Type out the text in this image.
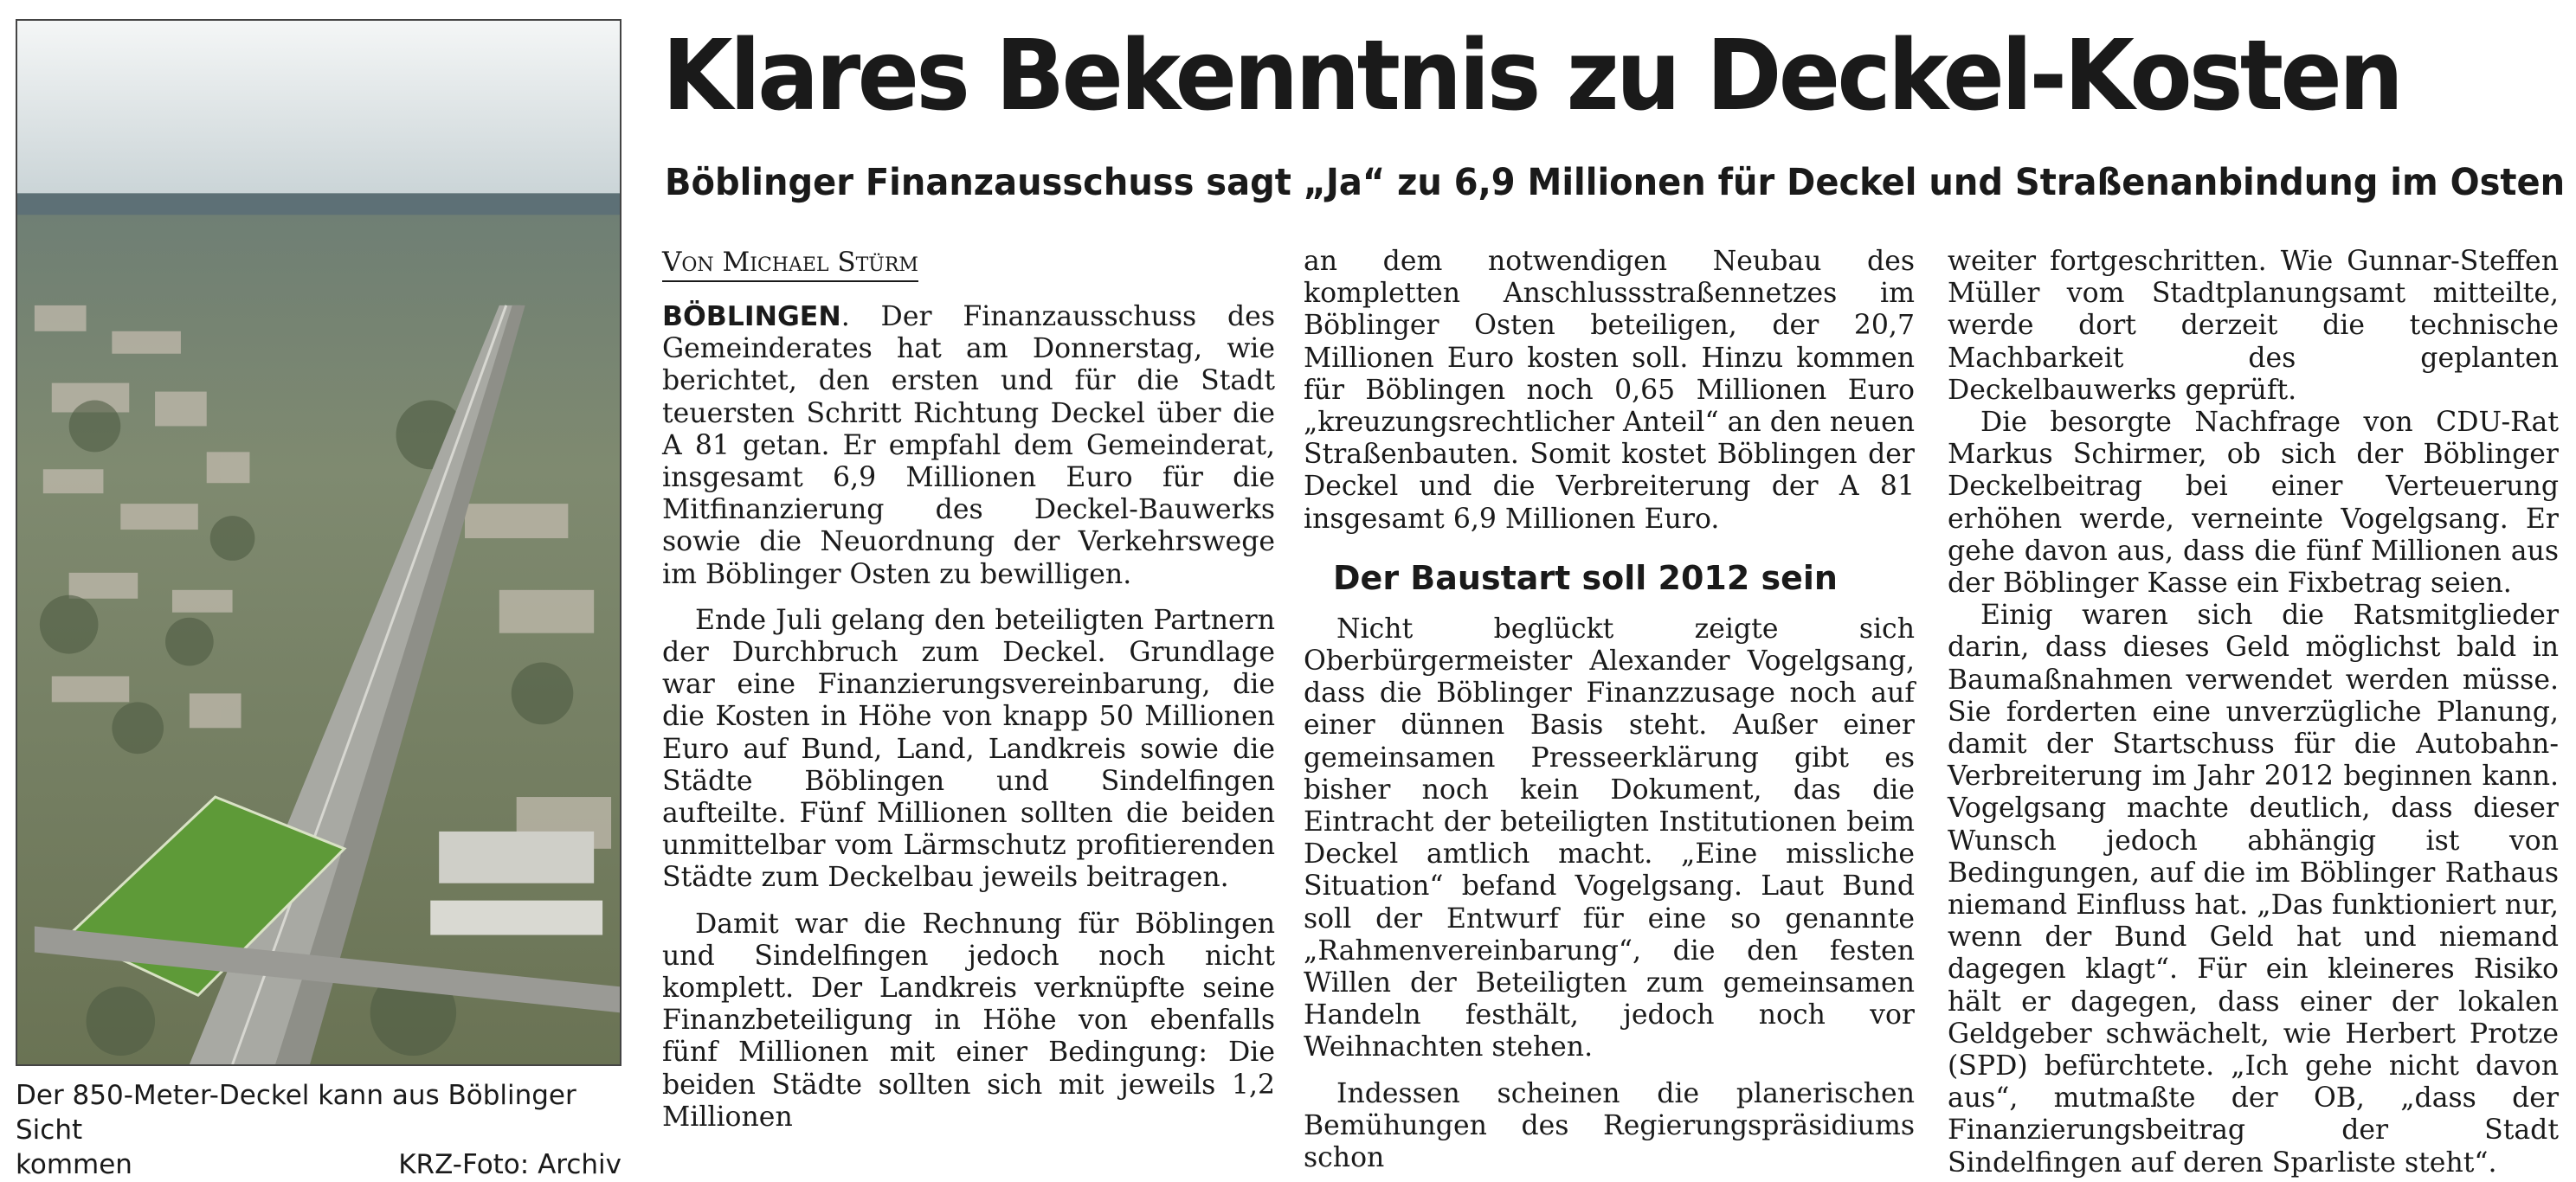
Der 850-Meter-Deckel kann aus Böblinger Sicht
kommen	KRZ-Foto: Archiv
Klares Bekenntnis zu Deckel-Kosten
Böblinger Finanzausschuss sagt „Ja“ zu 6,9 Millionen für Deckel und Straßenanbindung im Osten
Von Michael Stürm

BÖBLINGEN. Der Finanzausschuss des Gemeinderates hat am Donnerstag, wie berichtet, den ersten und für die Stadt teuersten Schritt Richtung Deckel über die A 81 getan. Er empfahl dem Gemeinderat, insgesamt 6,9 Millionen Euro für die Mitfinanzierung des Deckel-Bauwerks sowie die Neuordnung der Verkehrswege im Böblinger Osten zu bewilligen.

Ende Juli gelang den beteiligten Partnern der Durchbruch zum Deckel. Grundlage war eine Finanzierungsvereinbarung, die die Kosten in Höhe von knapp 50 Millionen Euro auf Bund, Land, Landkreis sowie die Städte Böblingen und Sindelfingen aufteilte. Fünf Millionen sollten die beiden unmittelbar vom Lärmschutz profitierenden Städte zum Deckelbau jeweils beitragen.

Damit war die Rechnung für Böblingen und Sindelfingen jedoch noch nicht komplett. Der Landkreis verknüpfte seine Finanzbeteiligung in Höhe von ebenfalls fünf Millionen mit einer Bedingung: Die beiden Städte sollten sich mit jeweils 1,2 Millionen

an dem notwendigen Neubau des kompletten Anschlussstraßennetzes im Böblinger Osten beteiligen, der 20,7 Millionen Euro kosten soll. Hinzu kommen für Böblingen noch 0,65 Millionen Euro „kreuzungsrechtlicher Anteil“ an den neuen Straßenbauten. Somit kostet Böblingen der Deckel und die Verbreiterung der A 81 insgesamt 6,9 Millionen Euro.

Der Baustart soll 2012 sein

Nicht beglückt zeigte sich Oberbürgermeister Alexander Vogelgsang, dass die Böblinger Finanzzusage noch auf einer dünnen Basis steht. Außer einer gemeinsamen Presseerklärung gibt es bisher noch kein Dokument, das die Eintracht der beteiligten Institutionen beim Deckel amtlich macht. „Eine missliche Situation“ befand Vogelgsang. Laut Bund soll der Entwurf für eine so genannte „Rahmenvereinbarung“, die den festen Willen der Beteiligten zum gemeinsamen Handeln festhält, jedoch noch vor Weihnachten stehen.

Indessen scheinen die planerischen Bemühungen des Regierungspräsidiums schon

weiter fortgeschritten. Wie Gunnar-Steffen Müller vom Stadtplanungsamt mitteilte, werde dort derzeit die technische Machbarkeit des geplanten Deckelbauwerks geprüft.

Die besorgte Nachfrage von CDU-Rat Markus Schirmer, ob sich der Böblinger Deckelbeitrag bei einer Verteuerung erhöhen werde, verneinte Vogelgsang. Er gehe davon aus, dass die fünf Millionen aus der Böblinger Kasse ein Fixbetrag seien.

Einig waren sich die Ratsmitglieder darin, dass dieses Geld möglichst bald in Baumaßnahmen verwendet werden müsse. Sie forderten eine unverzügliche Planung, damit der Startschuss für die Autobahn-Verbreiterung im Jahr 2012 beginnen kann. Vogelgsang machte deutlich, dass dieser Wunsch jedoch abhängig ist von Bedingungen, auf die im Böblinger Rathaus niemand Einfluss hat. „Das funktioniert nur, wenn der Bund Geld hat und niemand dagegen klagt“. Für ein kleineres Risiko hält er dagegen, dass einer der lokalen Geldgeber schwächelt, wie Herbert Protze (SPD) befürchtete. „Ich gehe nicht davon aus“, mutmaßte der OB, „dass der Finanzierungsbeitrag der Stadt Sindelfingen auf deren Sparliste steht“.
